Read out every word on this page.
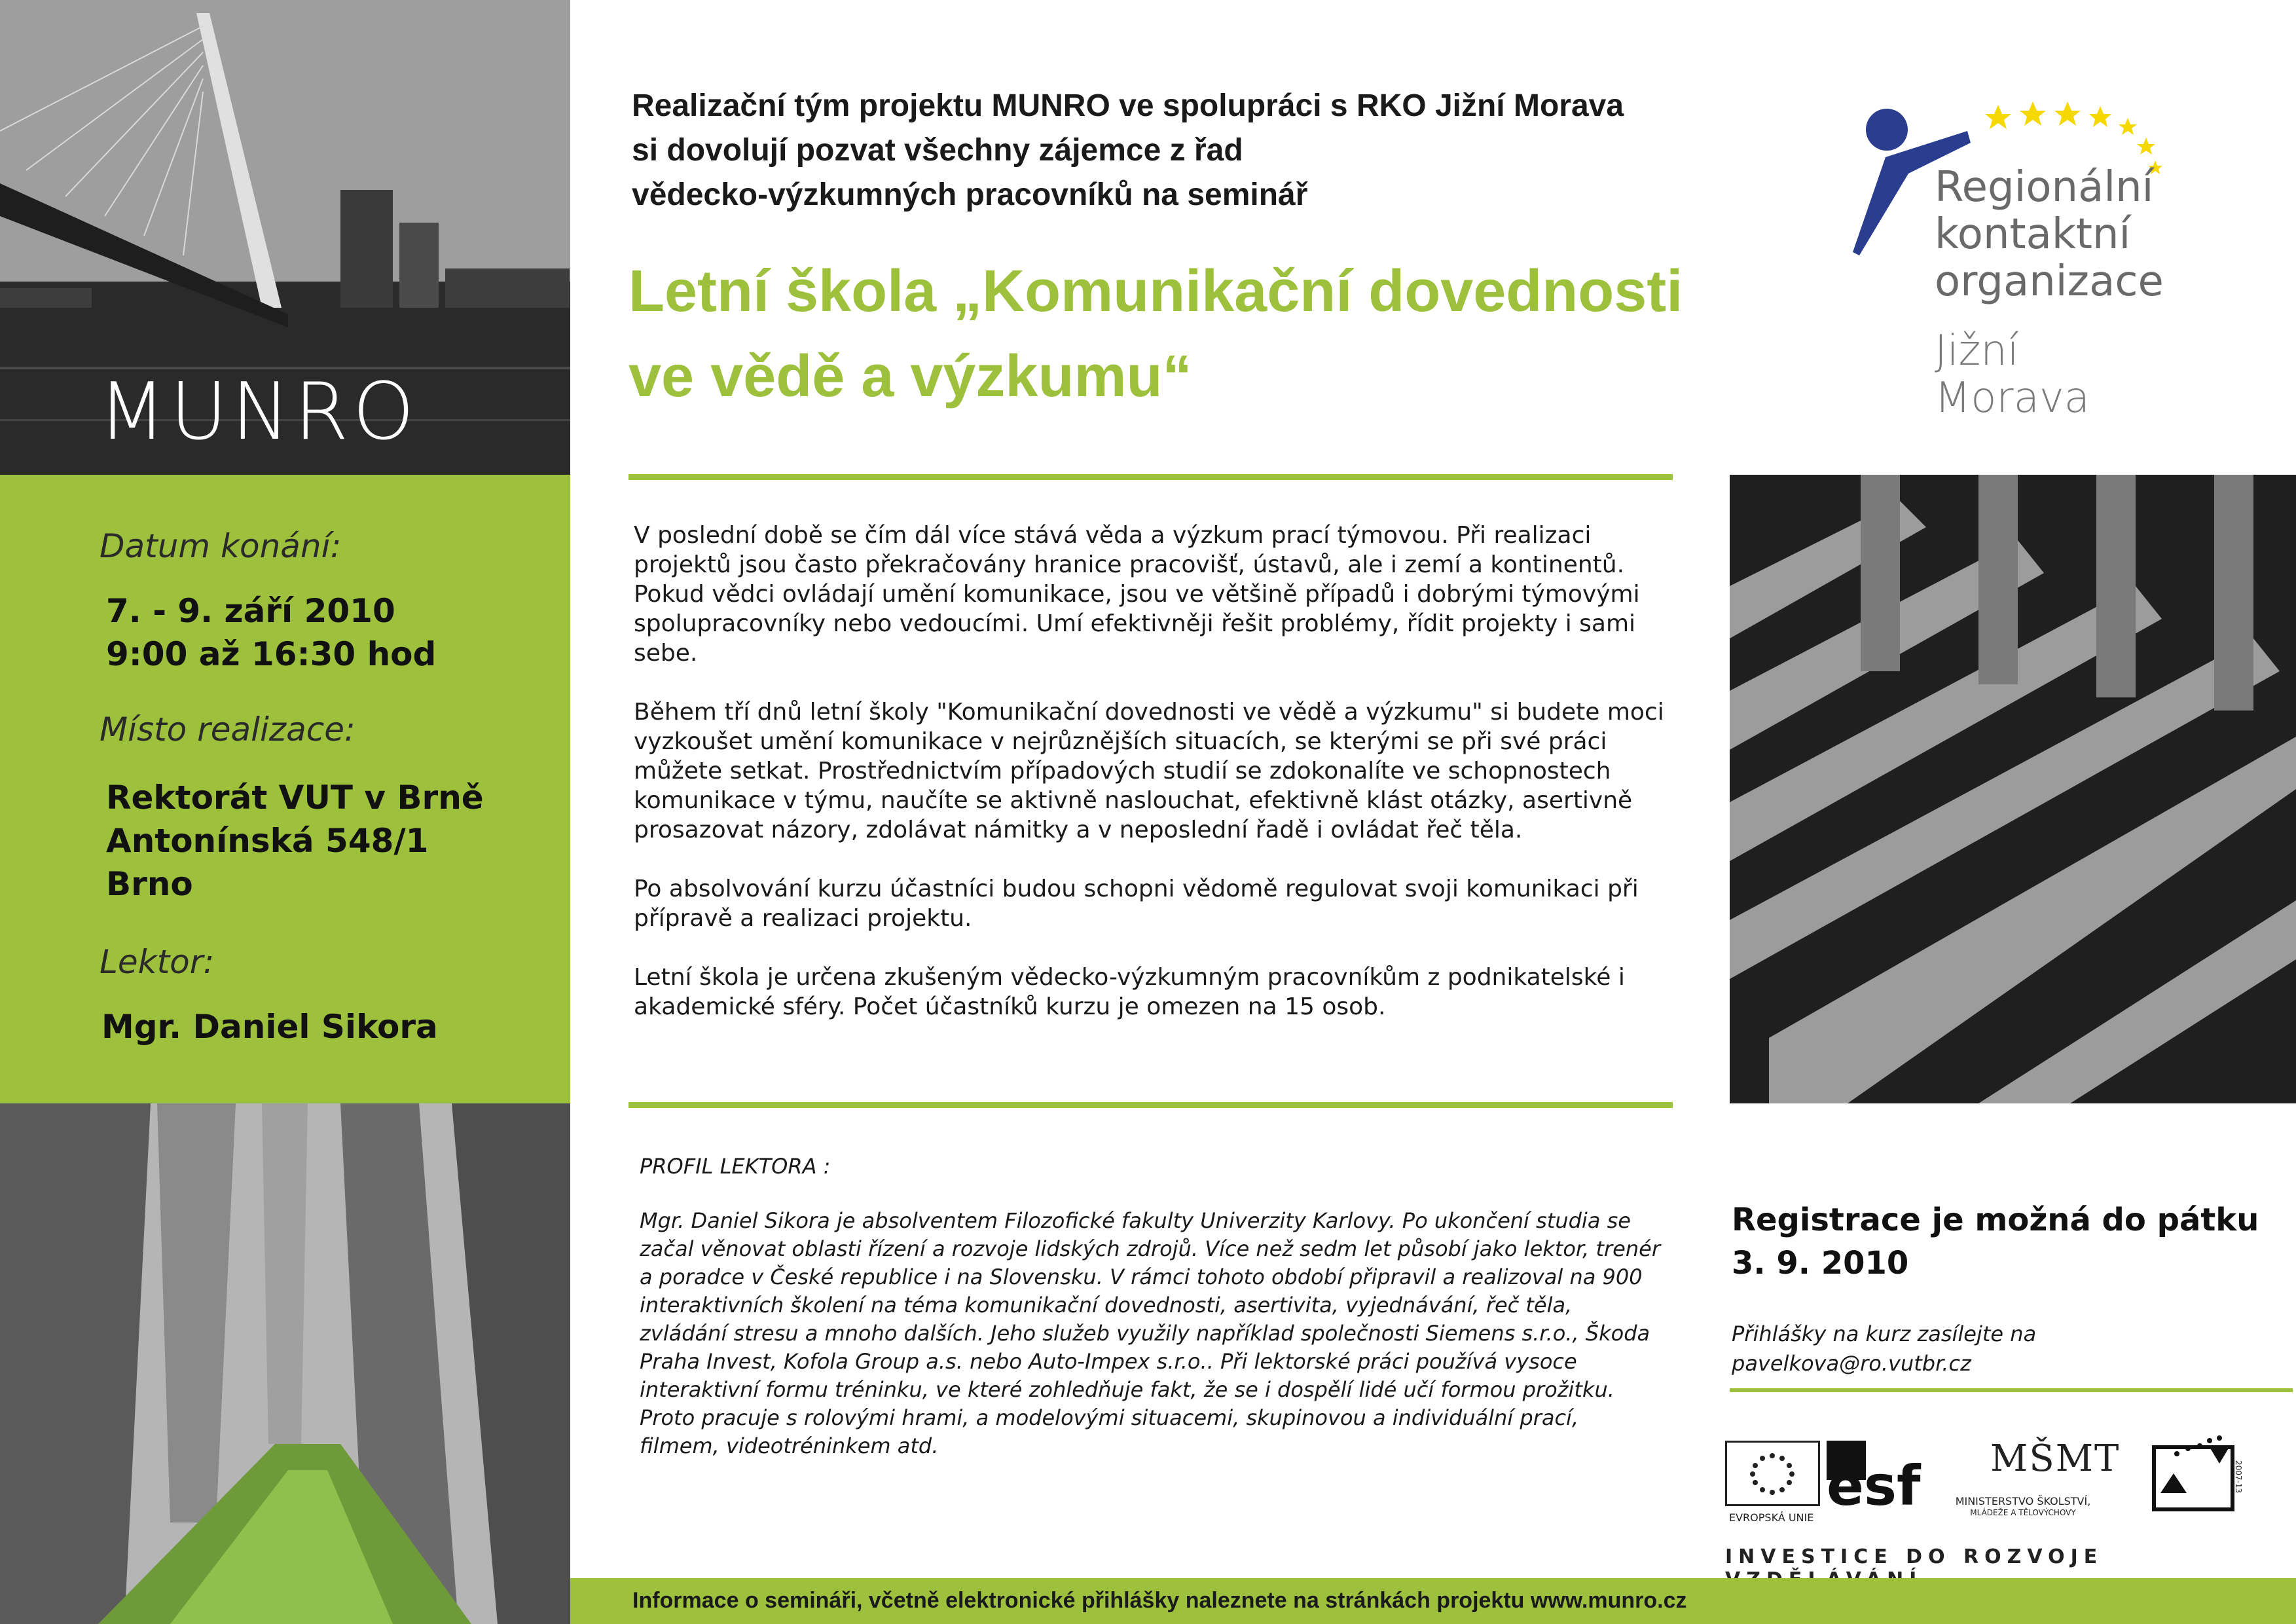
MUNRO
Datum konání:
7. - 9. září 2010
9:00 až 16:30 hod
Místo realizace:
Rektorát VUT v Brně
Antonínská 548/1
Brno
Lektor:
Mgr. Daniel Sikora
Realizační tým projektu MUNRO ve spolupráci s RKO Jižní Morava
si dovolují pozvat všechny zájemce z řad
vědecko-výzkumných pracovníků na seminář
Letní škola „Komunikační dovednosti
ve vědě a výzkumu“
Regionální
kontaktní
organizace
Jižní Morava

V poslední době se čím dál více stává věda a výzkum prací týmovou. Při realizaci projektů jsou často překračovány hranice pracovišť, ústavů, ale i zemí a kontinentů. Pokud vědci ovládají umění komunikace, jsou ve většině případů i dobrými týmovými spolupracovníky nebo vedoucími. Umí efektivněji řešit problémy, řídit projekty i sami sebe.

Během tří dnů letní školy "Komunikační dovednosti ve vědě a výzkumu" si budete moci vyzkoušet umění komunikace v nejrůznějších situacích, se kterými se při své práci můžete setkat. Prostřednictvím případových studií se zdokonalíte ve schopnostech komunikace v týmu, naučíte se aktivně naslouchat, efektivně klást otázky, asertivně prosazovat názory, zdolávat námitky a v neposlední řadě i ovládat řeč těla.

Po absolvování kurzu účastníci budou schopni vědomě regulovat svoji komunikaci při přípravě a realizaci projektu.

Letní škola je určena zkušeným vědecko-výzkumným pracovníkům z podnikatelské i akademické sféry. Počet účastníků kurzu je omezen na 15 osob.

PROFIL LEKTORA :

Mgr. Daniel Sikora je absolventem Filozofické fakulty Univerzity Karlovy. Po ukončení studia se začal věnovat oblasti řízení a rozvoje lidských zdrojů. Více než sedm let působí jako lektor, trenér a poradce v České republice i na Slovensku. V rámci tohoto období připravil a realizoval na 900 interaktivních školení na téma komunikační dovednosti, asertivita, vyjednávání, řeč těla, zvládání stresu a mnoho dalších. Jeho služeb využily například společnosti Siemens s.r.o., Škoda Praha Invest, Kofola Group a.s. nebo Auto-Impex s.r.o.. Při lektorské práci používá vysoce interaktivní formu tréninku, ve které zohledňuje fakt, že se i dospělí lidé učí formou prožitku. Proto pracuje s rolovými hrami, a modelovými situacemi, skupinovou a individuální prací, filmem, videotréninkem atd.

Registrace je možná do pátku
3. 9. 2010
Přihlášky na kurz zasílejte na
pavelkova@ro.vutbr.cz
EVROPSKÁ UNIE esf MŠMT
MINISTERSTVO ŠKOLSTVÍ,
MLÁDEŽE A TĚLOVÝCHOVY
2007-13
INVESTICE DO ROZVOJE
Informace o semináři, včetně elektronické přihlášky naleznete na stránkách projektu www.munro.cz
